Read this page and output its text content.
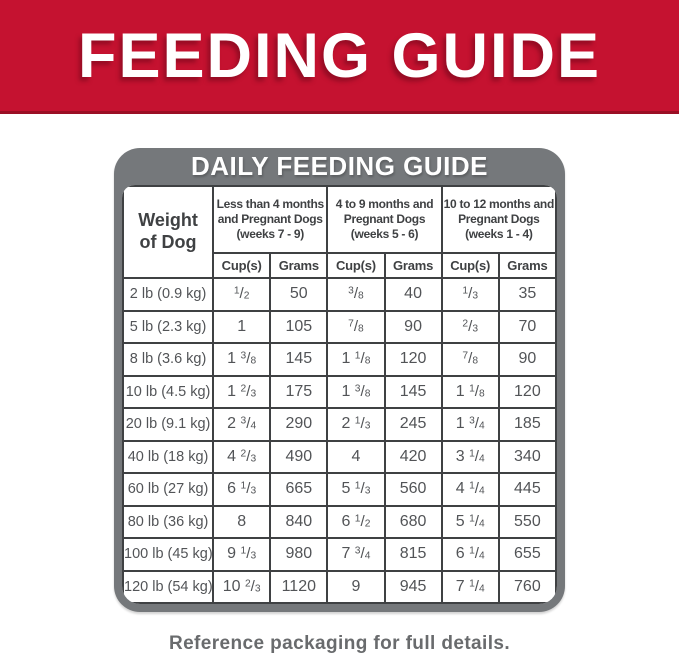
FEEDING GUIDE
DAILY FEEDING GUIDE
Weight of Dog	Less than 4 months and Pregnant Dogs (weeks 7 - 9)		4 to 9 months and Pregnant Dogs (weeks 5 - 6)		10 to 12 months and Pregnant Dogs (weeks 1 - 4)	
	Cup(s)	Grams	Cup(s)	Grams	Cup(s)	Grams
2 lb (0.9 kg)	$^1$/2	50	$^3$/8	40	$^1$/3	35
5 lb (2.3 kg)	1	105	$^7$/8	90	$^2$/3	70
8 lb (3.6 kg)	1 $^3$/8	145	1 $^1$/8	120	$^7$/8	90
10 lb (4.5 kg)	1 $^2$/3	175	1 $^3$/8	145	1 $^1$/8	120
20 lb (9.1 kg)	2 $^3$/4	290	2 $^1$/3	245	1 $^3$/4	185
40 lb (18 kg)	4 $^2$/3	490	4	420	3 $^1$/4	340
60 lb (27 kg)	6 $^1$/3	665	5 $^1$/3	560	4 $^1$/4	445
80 lb (36 kg)	8	840	6 $^1$/2	680	5 $^1$/4	550
100 lb (45 kg)	9 $^1$/3	980	7 $^3$/4	815	6 $^1$/4	655
120 lb (54 kg)	10 $^2$/3	1120	9	945	7 $^1$/4	760
Reference packaging for full details.
